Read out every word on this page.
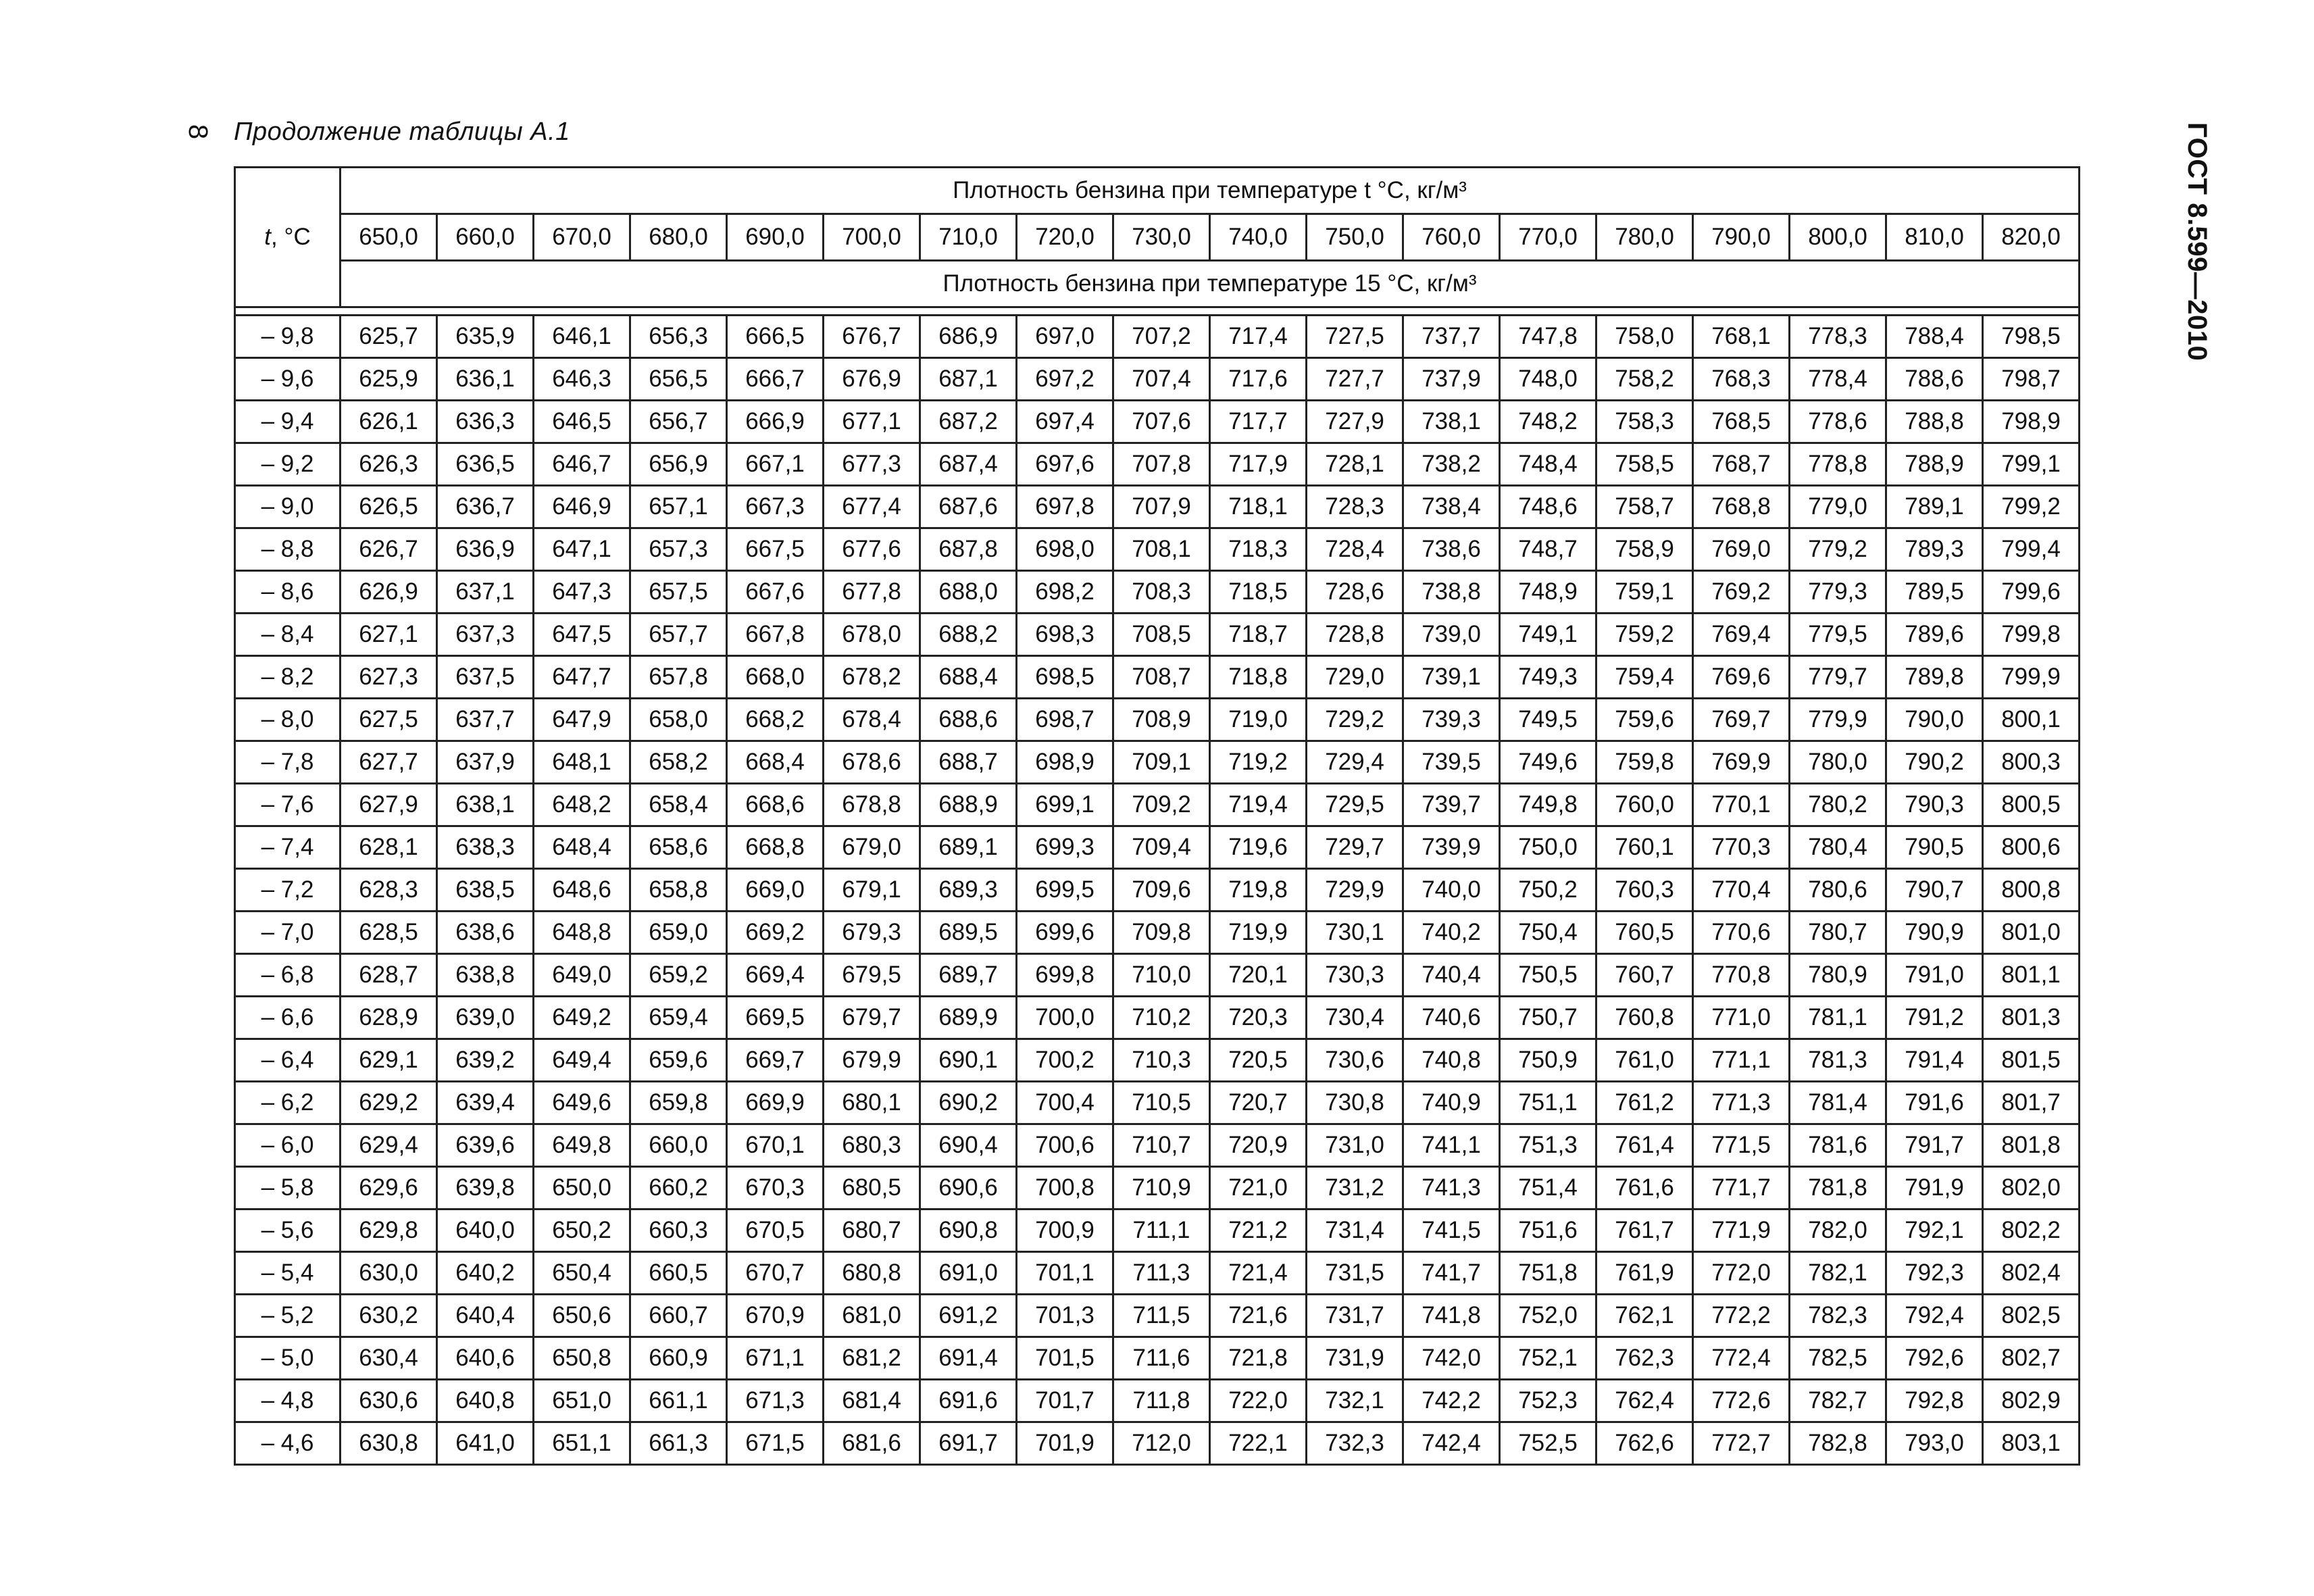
8 Продолжение таблицы А.1	ГОСТ 8.599—2010
t, °C	Плотность бензина при температуре t °C, кг/м³																	
	650,0	660,0	670,0	680,0	690,0	700,0	710,0	720,0	730,0	740,0	750,0	760,0	770,0	780,0	790,0	800,0	810,0	820,0
	Плотность бензина при температуре 15 °C, кг/м³																	

– 9,8	625,7	635,9	646,1	656,3	666,5	676,7	686,9	697,0	707,2	717,4	727,5	737,7	747,8	758,0	768,1	778,3	788,4	798,5
– 9,6	625,9	636,1	646,3	656,5	666,7	676,9	687,1	697,2	707,4	717,6	727,7	737,9	748,0	758,2	768,3	778,4	788,6	798,7
– 9,4	626,1	636,3	646,5	656,7	666,9	677,1	687,2	697,4	707,6	717,7	727,9	738,1	748,2	758,3	768,5	778,6	788,8	798,9
– 9,2	626,3	636,5	646,7	656,9	667,1	677,3	687,4	697,6	707,8	717,9	728,1	738,2	748,4	758,5	768,7	778,8	788,9	799,1
– 9,0	626,5	636,7	646,9	657,1	667,3	677,4	687,6	697,8	707,9	718,1	728,3	738,4	748,6	758,7	768,8	779,0	789,1	799,2
– 8,8	626,7	636,9	647,1	657,3	667,5	677,6	687,8	698,0	708,1	718,3	728,4	738,6	748,7	758,9	769,0	779,2	789,3	799,4
– 8,6	626,9	637,1	647,3	657,5	667,6	677,8	688,0	698,2	708,3	718,5	728,6	738,8	748,9	759,1	769,2	779,3	789,5	799,6
– 8,4	627,1	637,3	647,5	657,7	667,8	678,0	688,2	698,3	708,5	718,7	728,8	739,0	749,1	759,2	769,4	779,5	789,6	799,8
– 8,2	627,3	637,5	647,7	657,8	668,0	678,2	688,4	698,5	708,7	718,8	729,0	739,1	749,3	759,4	769,6	779,7	789,8	799,9
– 8,0	627,5	637,7	647,9	658,0	668,2	678,4	688,6	698,7	708,9	719,0	729,2	739,3	749,5	759,6	769,7	779,9	790,0	800,1
– 7,8	627,7	637,9	648,1	658,2	668,4	678,6	688,7	698,9	709,1	719,2	729,4	739,5	749,6	759,8	769,9	780,0	790,2	800,3
– 7,6	627,9	638,1	648,2	658,4	668,6	678,8	688,9	699,1	709,2	719,4	729,5	739,7	749,8	760,0	770,1	780,2	790,3	800,5
– 7,4	628,1	638,3	648,4	658,6	668,8	679,0	689,1	699,3	709,4	719,6	729,7	739,9	750,0	760,1	770,3	780,4	790,5	800,6
– 7,2	628,3	638,5	648,6	658,8	669,0	679,1	689,3	699,5	709,6	719,8	729,9	740,0	750,2	760,3	770,4	780,6	790,7	800,8
– 7,0	628,5	638,6	648,8	659,0	669,2	679,3	689,5	699,6	709,8	719,9	730,1	740,2	750,4	760,5	770,6	780,7	790,9	801,0
– 6,8	628,7	638,8	649,0	659,2	669,4	679,5	689,7	699,8	710,0	720,1	730,3	740,4	750,5	760,7	770,8	780,9	791,0	801,1
– 6,6	628,9	639,0	649,2	659,4	669,5	679,7	689,9	700,0	710,2	720,3	730,4	740,6	750,7	760,8	771,0	781,1	791,2	801,3
– 6,4	629,1	639,2	649,4	659,6	669,7	679,9	690,1	700,2	710,3	720,5	730,6	740,8	750,9	761,0	771,1	781,3	791,4	801,5
– 6,2	629,2	639,4	649,6	659,8	669,9	680,1	690,2	700,4	710,5	720,7	730,8	740,9	751,1	761,2	771,3	781,4	791,6	801,7
– 6,0	629,4	639,6	649,8	660,0	670,1	680,3	690,4	700,6	710,7	720,9	731,0	741,1	751,3	761,4	771,5	781,6	791,7	801,8
– 5,8	629,6	639,8	650,0	660,2	670,3	680,5	690,6	700,8	710,9	721,0	731,2	741,3	751,4	761,6	771,7	781,8	791,9	802,0
– 5,6	629,8	640,0	650,2	660,3	670,5	680,7	690,8	700,9	711,1	721,2	731,4	741,5	751,6	761,7	771,9	782,0	792,1	802,2
– 5,4	630,0	640,2	650,4	660,5	670,7	680,8	691,0	701,1	711,3	721,4	731,5	741,7	751,8	761,9	772,0	782,1	792,3	802,4
– 5,2	630,2	640,4	650,6	660,7	670,9	681,0	691,2	701,3	711,5	721,6	731,7	741,8	752,0	762,1	772,2	782,3	792,4	802,5
– 5,0	630,4	640,6	650,8	660,9	671,1	681,2	691,4	701,5	711,6	721,8	731,9	742,0	752,1	762,3	772,4	782,5	792,6	802,7
– 4,8	630,6	640,8	651,0	661,1	671,3	681,4	691,6	701,7	711,8	722,0	732,1	742,2	752,3	762,4	772,6	782,7	792,8	802,9
– 4,6	630,8	641,0	651,1	661,3	671,5	681,6	691,7	701,9	712,0	722,1	732,3	742,4	752,5	762,6	772,7	782,8	793,0	803,1
